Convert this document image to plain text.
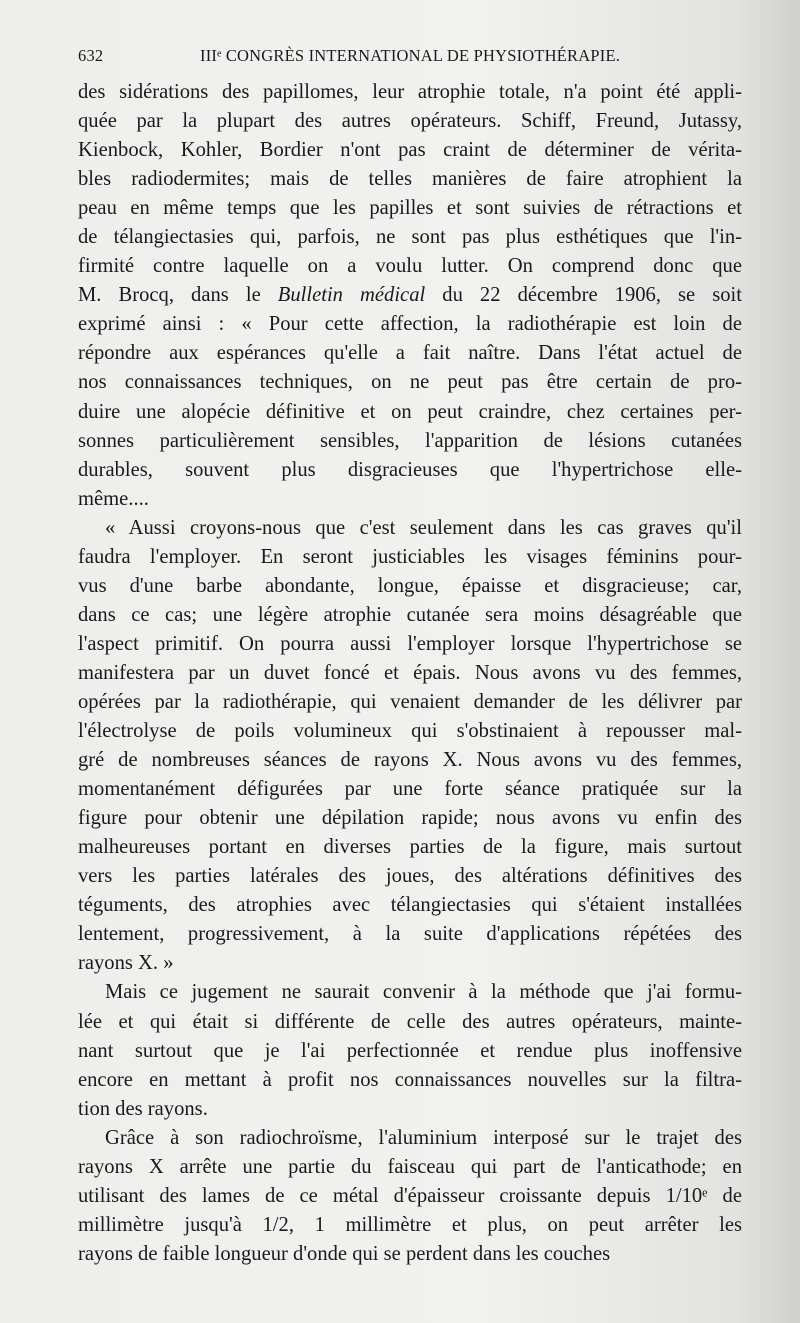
632	IIIᵉ CONGRÈS INTERNATIONAL DE PHYSIOTHÉRAPIE.
des sidérations des papillomes, leur atrophie totale, n'a point été appli-
quée par la plupart des autres opérateurs. Schiff, Freund, Jutassy,
Kienbock, Kohler, Bordier n'ont pas craint de déterminer de vérita-
bles radiodermites; mais de telles manières de faire atrophient la
peau en même temps que les papilles et sont suivies de rétractions et
de télangiectasies qui, parfois, ne sont pas plus esthétiques que l'in-
firmité contre laquelle on a voulu lutter. On comprend donc que
M. Brocq, dans le Bulletin médical du 22 décembre 1906, se soit
exprimé ainsi : « Pour cette affection, la radiothérapie est loin de
répondre aux espérances qu'elle a fait naître. Dans l'état actuel de
nos connaissances techniques, on ne peut pas être certain de pro-
duire une alopécie définitive et on peut craindre, chez certaines per-
sonnes particulièrement sensibles, l'apparition de lésions cutanées
durables, souvent plus disgracieuses que l'hypertrichose elle-
même....
« Aussi croyons-nous que c'est seulement dans les cas graves qu'il
faudra l'employer. En seront justiciables les visages féminins pour-
vus d'une barbe abondante, longue, épaisse et disgracieuse; car,
dans ce cas; une légère atrophie cutanée sera moins désagréable que
l'aspect primitif. On pourra aussi l'employer lorsque l'hypertrichose se
manifestera par un duvet foncé et épais. Nous avons vu des femmes,
opérées par la radiothérapie, qui venaient demander de les délivrer par
l'électrolyse de poils volumineux qui s'obstinaient à repousser mal-
gré de nombreuses séances de rayons X. Nous avons vu des femmes,
momentanément défigurées par une forte séance pratiquée sur la
figure pour obtenir une dépilation rapide; nous avons vu enfin des
malheureuses portant en diverses parties de la figure, mais surtout
vers les parties latérales des joues, des altérations définitives des
téguments, des atrophies avec télangiectasies qui s'étaient installées
lentement, progressivement, à la suite d'applications répétées des
rayons X. »
Mais ce jugement ne saurait convenir à la méthode que j'ai formu-
lée et qui était si différente de celle des autres opérateurs, mainte-
nant surtout que je l'ai perfectionnée et rendue plus inoffensive
encore en mettant à profit nos connaissances nouvelles sur la filtra-
tion des rayons.
Grâce à son radiochroïsme, l'aluminium interposé sur le trajet des
rayons X arrête une partie du faisceau qui part de l'anticathode; en
utilisant des lames de ce métal d'épaisseur croissante depuis 1/10ᵉ de
millimètre jusqu'à 1/2, 1 millimètre et plus, on peut arrêter les
rayons de faible longueur d'onde qui se perdent dans les couches
